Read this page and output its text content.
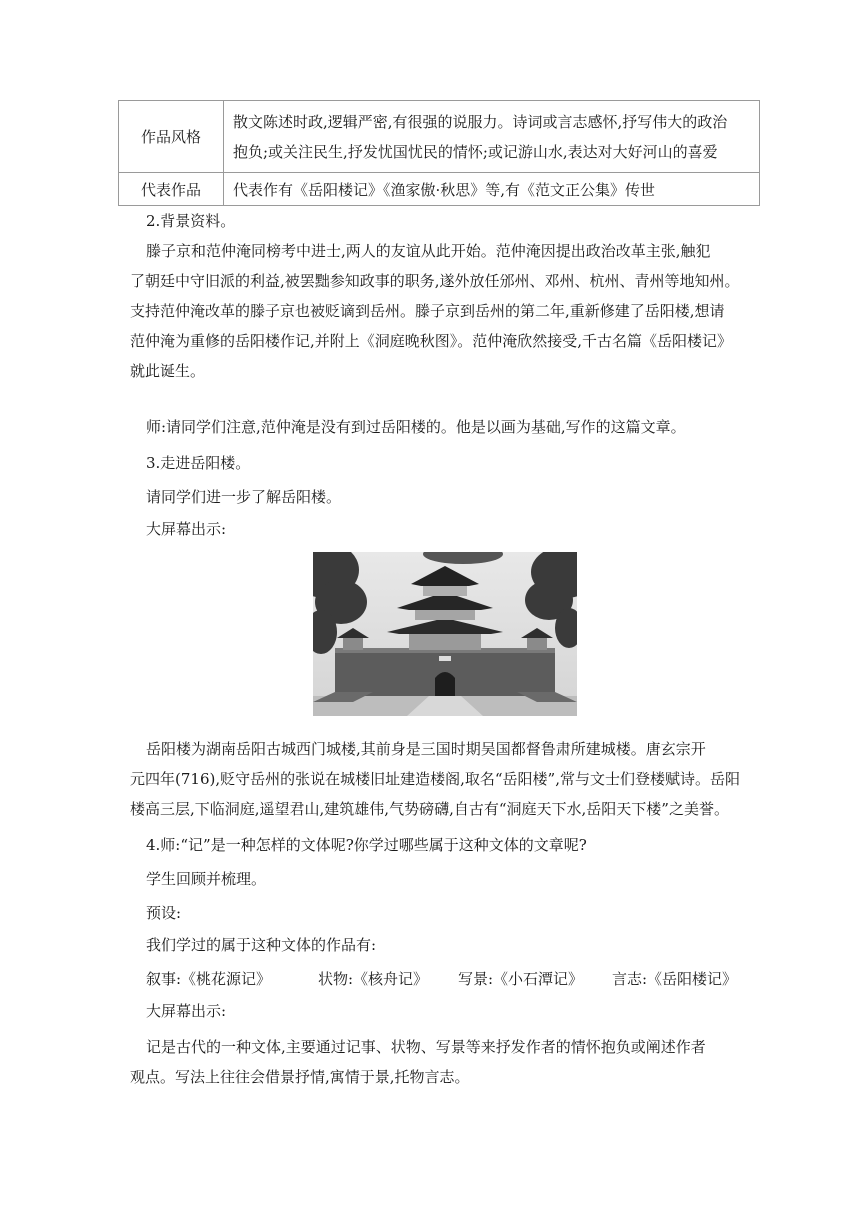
作品风格	散文陈述时政,逻辑严密,有很强的说服力。诗词或言志感怀,抒写伟大的政治
抱负;或关注民生,抒发忧国忧民的情怀;或记游山水,表达对大好河山的喜爱

代表作品	代表作有《岳阳楼记》《渔家傲·秋思》等,有《范文正公集》传世

2.背景资料。

滕子京和范仲淹同榜考中进士,两人的友谊从此开始。范仲淹因提出政治改革主张,触犯
了朝廷中守旧派的利益,被罢黜参知政事的职务,遂外放任邠州、邓州、杭州、青州等地知州。
支持范仲淹改革的滕子京也被贬谪到岳州。滕子京到岳州的第二年,重新修建了岳阳楼,想请
范仲淹为重修的岳阳楼作记,并附上《洞庭晚秋图》。范仲淹欣然接受,千古名篇《岳阳楼记》
就此诞生。

师:请同学们注意,范仲淹是没有到过岳阳楼的。他是以画为基础,写作的这篇文章。

3.走进岳阳楼。

请同学们进一步了解岳阳楼。

大屏幕出示:

岳阳楼为湖南岳阳古城西门城楼,其前身是三国时期吴国都督鲁肃所建城楼。唐玄宗开
元四年(716),贬守岳州的张说在城楼旧址建造楼阁,取名“岳阳楼”,常与文士们登楼赋诗。岳阳
楼高三层,下临洞庭,遥望君山,建筑雄伟,气势磅礴,自古有“洞庭天下水,岳阳天下楼”之美誉。

4.师:“记”是一种怎样的文体呢?你学过哪些属于这种文体的文章呢?

学生回顾并梳理。

预设:

我们学过的属于这种文体的作品有:

叙事:《桃花源记》	状物:《核舟记》 写景:《小石潭记》 言志:《岳阳楼记》

大屏幕出示:

记是古代的一种文体,主要通过记事、状物、写景等来抒发作者的情怀抱负或阐述作者
观点。写法上往往会借景抒情,寓情于景,托物言志。
